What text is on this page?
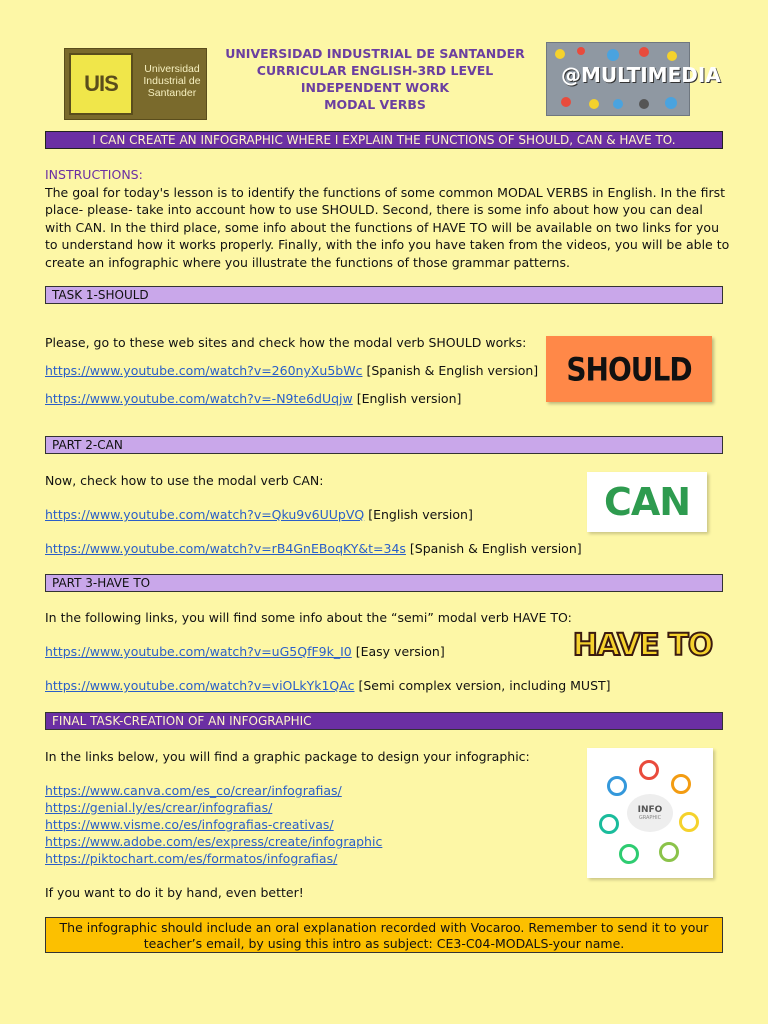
UIS
Universidad
Industrial de
Santander
UNIVERSIDAD INDUSTRIAL DE SANTANDER
CURRICULAR ENGLISH-3RD LEVEL
INDEPENDENT WORK
MODAL VERBS
@MULTIMEDIA
I CAN CREATE AN INFOGRAPHIC WHERE I EXPLAIN THE FUNCTIONS OF SHOULD, CAN & HAVE TO.
INSTRUCTIONS:
The goal for today's lesson is to identify the functions of some common MODAL VERBS in English. In the first place- please- take into account how to use SHOULD. Second, there is some info about how you can deal with CAN. In the third place, some info about the functions of HAVE TO will be available on two links for you to understand how it works properly. Finally, with the info you have taken from the videos, you will be able to create an infographic where you illustrate the functions of those grammar patterns.
TASK 1-SHOULD
Please, go to these web sites and check how the modal verb SHOULD works:
https://www.youtube.com/watch?v=260nyXu5bWc [Spanish & English version]
https://www.youtube.com/watch?v=-N9te6dUqjw [English version]
SHOULD
PART 2-CAN
Now, check how to use the modal verb CAN:
https://www.youtube.com/watch?v=Qku9v6UUpVQ [English version]
https://www.youtube.com/watch?v=rB4GnEBoqKY&t=34s [Spanish & English version]
CAN
PART 3-HAVE TO
In the following links, you will find some info about the “semi” modal verb HAVE TO:
https://www.youtube.com/watch?v=uG5QfF9k_I0 [Easy version]
https://www.youtube.com/watch?v=viOLkYk1QAc [Semi complex version, including MUST]
HAVE TO
FINAL TASK-CREATION OF AN INFOGRAPHIC
In the links below, you will find a graphic package to design your infographic:
https://www.canva.com/es_co/crear/infografias/
https://genial.ly/es/crear/infografias/
https://www.visme.co/es/infografias-creativas/
https://www.adobe.com/es/express/create/infographic
https://piktochart.com/es/formatos/infografias/
If you want to do it by hand, even better!
INFO
GRAPHIC
The infographic should include an oral explanation recorded with Vocaroo. Remember to send it to your
teacher’s email, by using this intro as subject: CE3-C04-MODALS-your name.
